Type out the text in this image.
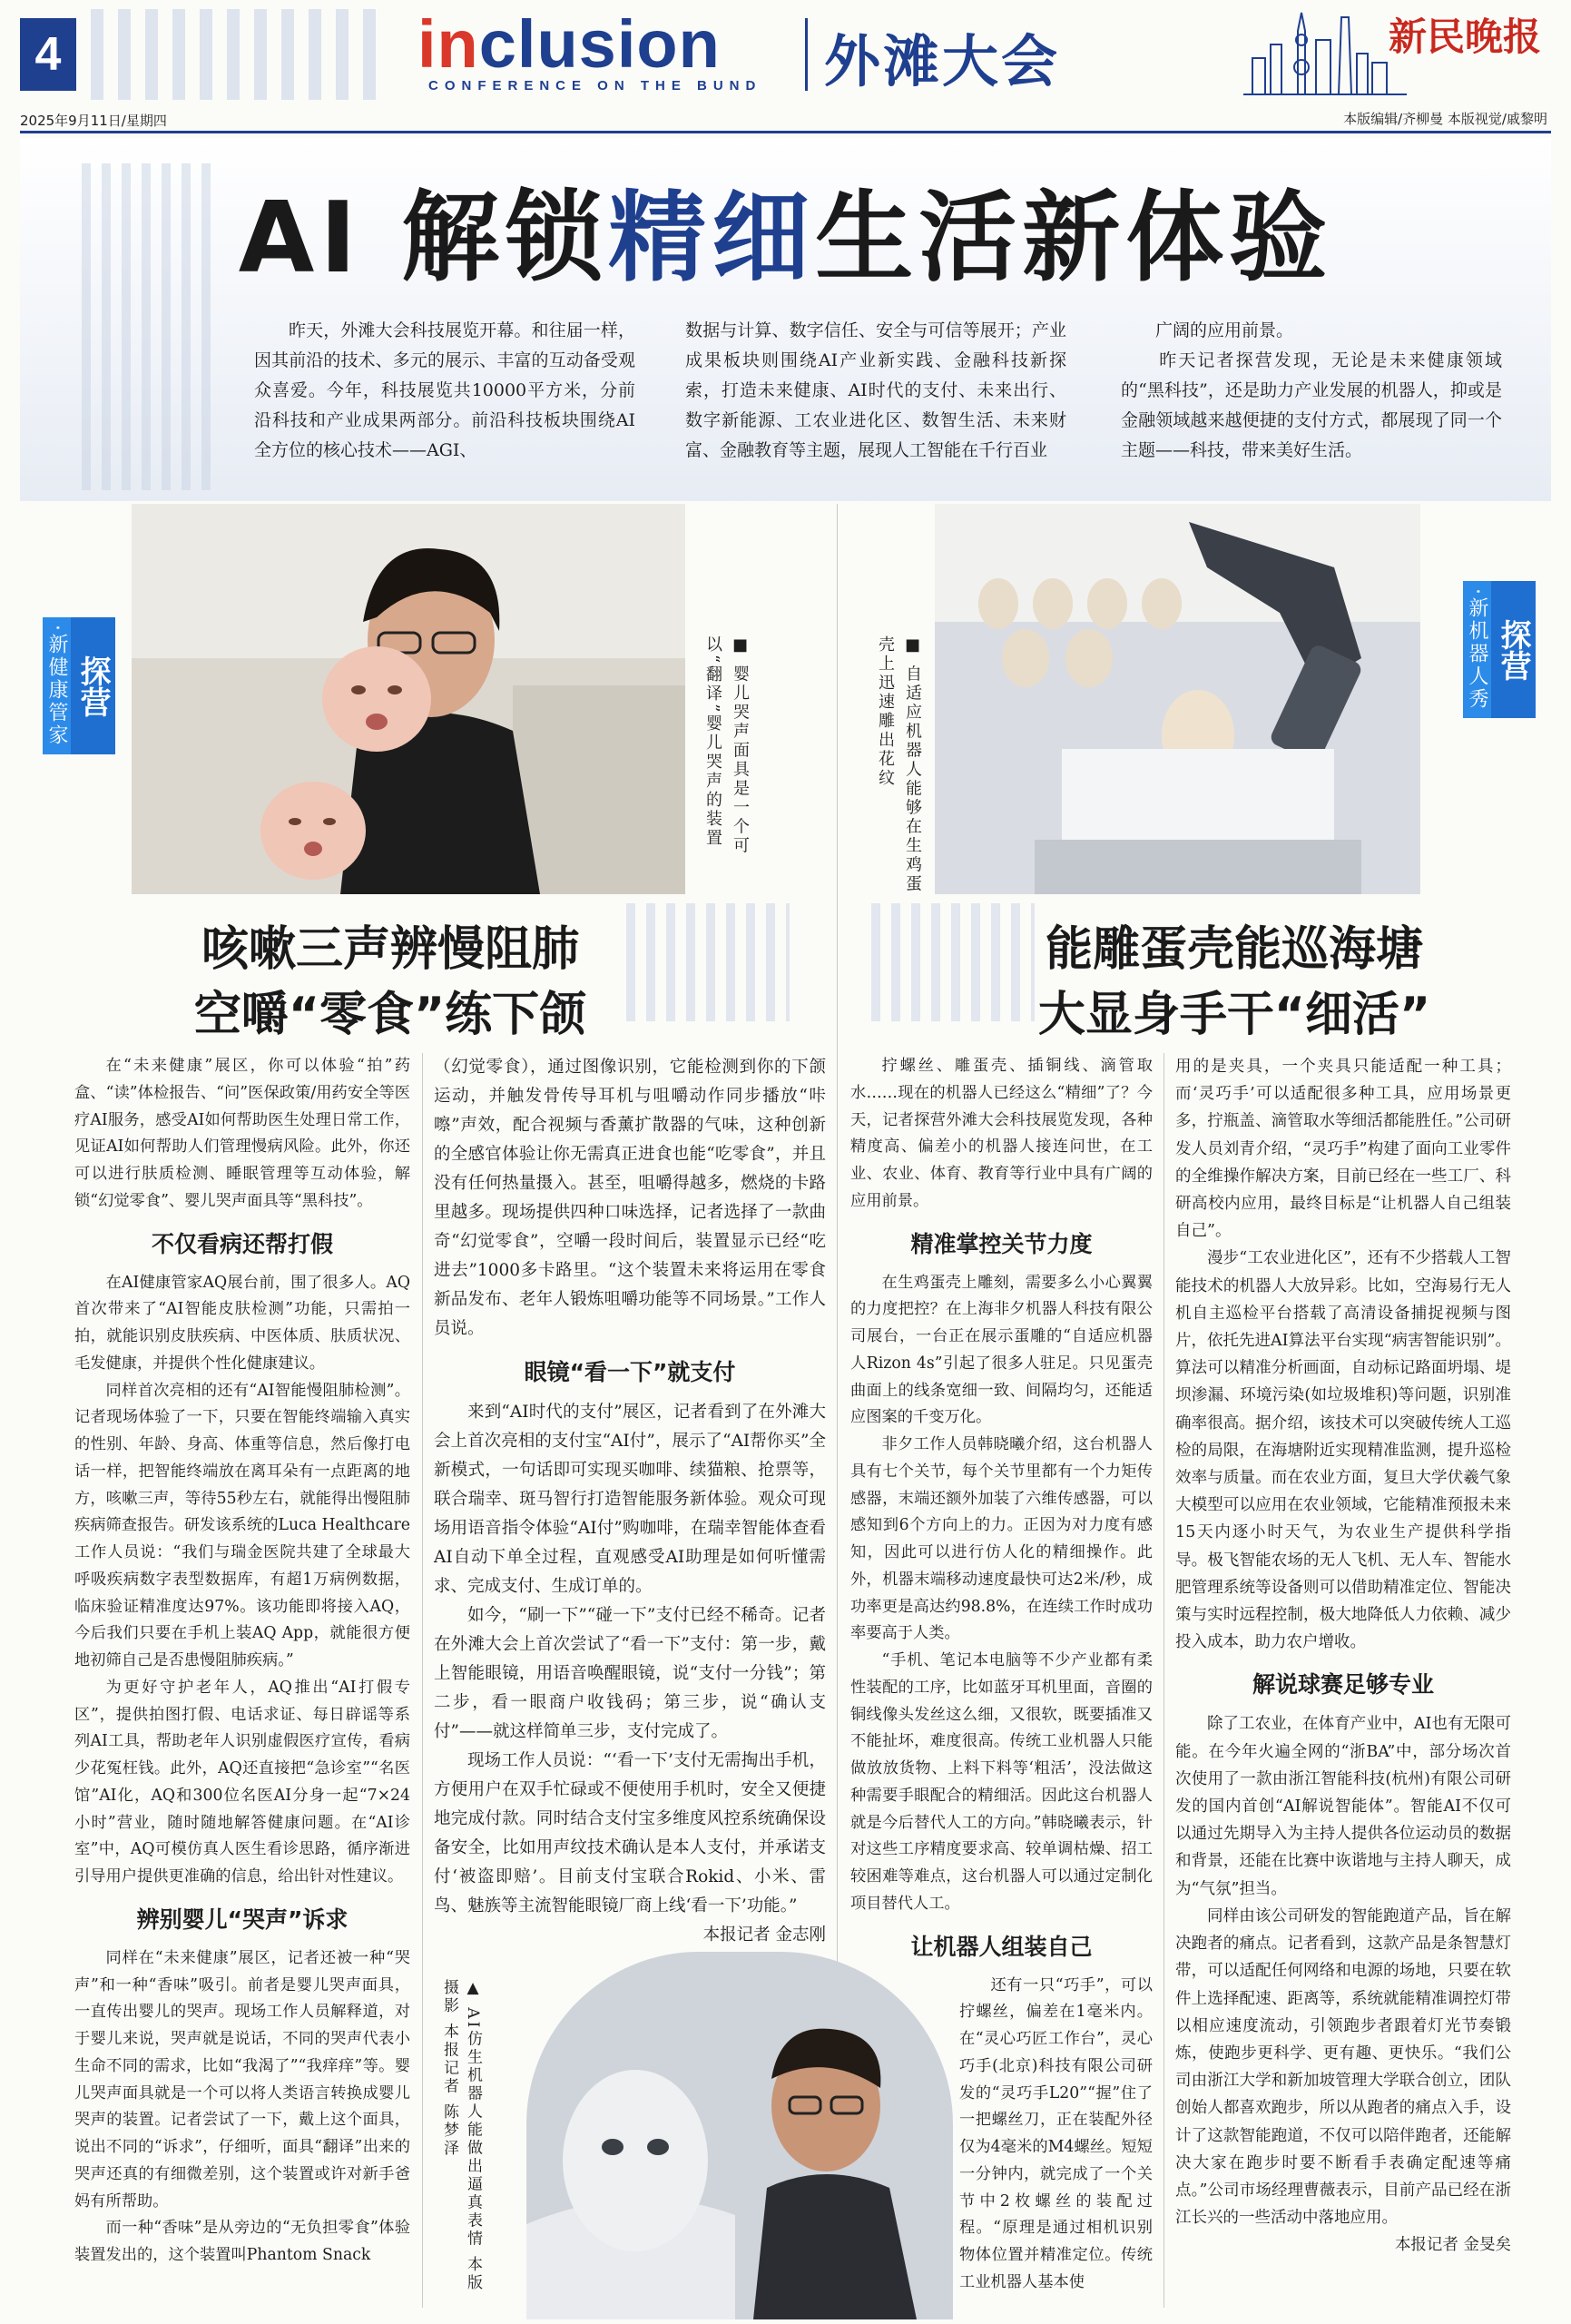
4	inclusion
CONFERENCE ON THE BUND 外滩大会	新民晚报
2025年9月11日/星期四	本版编辑/齐柳曼 本版视觉/戚黎明
AI 解锁精细生活新体验

昨天，外滩大会科技展览开幕。和往届一样，因其前沿的技术、多元的展示、丰富的互动备受观众喜爱。今年，科技展览共10000平方米，分前沿科技和产业成果两部分。前沿科技板块围绕AI全方位的核心技术——AGI、

数据与计算、数字信任、安全与可信等展开；产业成果板块则围绕AI产业新实践、金融科技新探索，打造未来健康、AI时代的支付、未来出行、数字新能源、工农业进化区、数智生活、未来财富、金融教育等主题，展现人工智能在千行百业

广阔的应用前景。
　　昨天记者探营发现，无论是未来健康领域的“黑科技”，还是助力产业发展的机器人，抑或是金融领域越来越便捷的支付方式，都展现了同一个主题——科技，带来美好生活。

■ 婴儿哭声面具是一个可以“翻译”婴儿哭声的装置	■ 自适应机器人能够在生鸡蛋壳上迅速雕出花纹
探营
·新健康管家	探营
·新机器人秀
咳嗽三声辨慢阻肺
空嚼“零食”练下颌
能雕蛋壳能巡海塘
大显身手干“细活”

在“未来健康”展区，你可以体验“拍”药盒、“读”体检报告、“问”医保政策/用药安全等医疗AI服务，感受AI如何帮助医生处理日常工作，见证AI如何帮助人们管理慢病风险。此外，你还可以进行肤质检测、睡眠管理等互动体验，解锁“幻觉零食”、婴儿哭声面具等“黑科技”。

不仅看病还帮打假

在AI健康管家AQ展台前，围了很多人。AQ首次带来了“AI智能皮肤检测”功能，只需拍一拍，就能识别皮肤疾病、中医体质、肤质状况、毛发健康，并提供个性化健康建议。

同样首次亮相的还有“AI智能慢阻肺检测”。记者现场体验了一下，只要在智能终端输入真实的性别、年龄、身高、体重等信息，然后像打电话一样，把智能终端放在离耳朵有一点距离的地方，咳嗽三声，等待55秒左右，就能得出慢阻肺疾病筛查报告。研发该系统的Luca Healthcare工作人员说：“我们与瑞金医院共建了全球最大呼吸疾病数字表型数据库，有超1万病例数据，临床验证精准度达97%。该功能即将接入AQ，今后我们只要在手机上装AQ App，就能很方便地初筛自己是否患慢阻肺疾病。”

为更好守护老年人，AQ推出“AI打假专区”，提供拍图打假、电话求证、每日辟谣等系列AI工具，帮助老年人识别虚假医疗宣传，看病少花冤枉钱。此外，AQ还直接把“急诊室”“名医馆”AI化，AQ和300位名医AI分身一起“7×24小时”营业，随时随地解答健康问题。在“AI诊室”中，AQ可模仿真人医生看诊思路，循序渐进引导用户提供更准确的信息，给出针对性建议。

辨别婴儿“哭声”诉求

同样在“未来健康”展区，记者还被一种“哭声”和一种“香味”吸引。前者是婴儿哭声面具，一直传出婴儿的哭声。现场工作人员解释道，对于婴儿来说，哭声就是说话，不同的哭声代表小生命不同的需求，比如“我渴了”“我痒痒”等。婴儿哭声面具就是一个可以将人类语言转换成婴儿哭声的装置。记者尝试了一下，戴上这个面具，说出不同的“诉求”，仔细听，面具“翻译”出来的哭声还真的有细微差别，这个装置或许对新手爸妈有所帮助。

而一种“香味”是从旁边的“无负担零食”体验装置发出的，这个装置叫Phantom Snack

（幻觉零食），通过图像识别，它能检测到你的下颌运动，并触发骨传导耳机与咀嚼动作同步播放“咔嚓”声效，配合视频与香薰扩散器的气味，这种创新的全感官体验让你无需真正进食也能“吃零食”，并且没有任何热量摄入。甚至，咀嚼得越多，燃烧的卡路里越多。现场提供四种口味选择，记者选择了一款曲奇“幻觉零食”，空嚼一段时间后，装置显示已经“吃进去”1000多卡路里。“这个装置未来将运用在零食新品发布、老年人锻炼咀嚼功能等不同场景。”工作人员说。

眼镜“看一下”就支付

来到“AI时代的支付”展区，记者看到了在外滩大会上首次亮相的支付宝“AI付”，展示了“AI帮你买”全新模式，一句话即可实现买咖啡、续猫粮、抢票等，联合瑞幸、斑马智行打造智能服务新体验。观众可现场用语音指令体验“AI付”购咖啡，在瑞幸智能体查看AI自动下单全过程，直观感受AI助理是如何听懂需求、完成支付、生成订单的。

如今，“刷一下”“碰一下”支付已经不稀奇。记者在外滩大会上首次尝试了“看一下”支付：第一步，戴上智能眼镜，用语音唤醒眼镜，说“支付一分钱”；第二步，看一眼商户收钱码；第三步，说“确认支付”——就这样简单三步，支付完成了。

现场工作人员说：“‘看一下’支付无需掏出手机，方便用户在双手忙碌或不便使用手机时，安全又便捷地完成付款。同时结合支付宝多维度风控系统确保设备安全，比如用声纹技术确认是本人支付，并承诺支付‘被盗即赔’。目前支付宝联合Rokid、小米、雷鸟、魅族等主流智能眼镜厂商上线‘看一下’功能。”

本报记者 金志刚
▲ AI仿生机器人能做出逼真表情 本版摄影 本报记者 陈梦泽

拧螺丝、雕蛋壳、插铜线、滴管取水……现在的机器人已经这么“精细”了？今天，记者探营外滩大会科技展览发现，各种精度高、偏差小的机器人接连问世，在工业、农业、体育、教育等行业中具有广阔的应用前景。

精准掌控关节力度

在生鸡蛋壳上雕刻，需要多么小心翼翼的力度把控？在上海非夕机器人科技有限公司展台，一台正在展示蛋雕的“自适应机器人Rizon 4s”引起了很多人驻足。只见蛋壳曲面上的线条宽细一致、间隔均匀，还能适应图案的千变万化。

非夕工作人员韩晓曦介绍，这台机器人具有七个关节，每个关节里都有一个力矩传感器，末端还额外加装了六维传感器，可以感知到6个方向上的力。正因为对力度有感知，因此可以进行仿人化的精细操作。此外，机器末端移动速度最快可达2米/秒，成功率更是高达约98.8%，在连续工作时成功率要高于人类。

“手机、笔记本电脑等不少产业都有柔性装配的工序，比如蓝牙耳机里面，音圈的铜线像头发丝这么细，又很软，既要插准又不能扯坏，难度很高。传统工业机器人只能做放放货物、上料下料等‘粗活’，没法做这种需要手眼配合的精细活。因此这台机器人就是今后替代人工的方向。”韩晓曦表示，针对这些工序精度要求高、较单调枯燥、招工较困难等难点，这台机器人可以通过定制化项目替代人工。

让机器人组装自己

还有一只“巧手”，可以拧螺丝，偏差在1毫米内。在“灵心巧匠工作台”，灵心巧手(北京)科技有限公司研发的“灵巧手L20”“握”住了一把螺丝刀，正在装配外径仅为4毫米的M4螺丝。短短一分钟内，就完成了一个关节中2枚螺丝的装配过程。“原理是通过相机识别物体位置并精准定位。传统工业机器人基本使

用的是夹具，一个夹具只能适配一种工具；而‘灵巧手’可以适配很多种工具，应用场景更多，拧瓶盖、滴管取水等细活都能胜任。”公司研发人员刘青介绍，“灵巧手”构建了面向工业零件的全维操作解决方案，目前已经在一些工厂、科研高校内应用，最终目标是“让机器人自己组装自己”。

漫步“工农业进化区”，还有不少搭载人工智能技术的机器人大放异彩。比如，空海易行无人机自主巡检平台搭载了高清设备捕捉视频与图片，依托先进AI算法平台实现“病害智能识别”。算法可以精准分析画面，自动标记路面坍塌、堤坝渗漏、环境污染(如垃圾堆积)等问题，识别准确率很高。据介绍，该技术可以突破传统人工巡检的局限，在海塘附近实现精准监测，提升巡检效率与质量。而在农业方面，复旦大学伏羲气象大模型可以应用在农业领域，它能精准预报未来15天内逐小时天气，为农业生产提供科学指导。极飞智能农场的无人飞机、无人车、智能水肥管理系统等设备则可以借助精准定位、智能决策与实时远程控制，极大地降低人力依赖、减少投入成本，助力农户增收。

解说球赛足够专业

除了工农业，在体育产业中，AI也有无限可能。在今年火遍全网的“浙BA”中，部分场次首次使用了一款由浙江智能科技(杭州)有限公司研发的国内首创“AI解说智能体”。智能AI不仅可以通过先期导入为主持人提供各位运动员的数据和背景，还能在比赛中诙谐地与主持人聊天，成为“气氛”担当。

同样由该公司研发的智能跑道产品，旨在解决跑者的痛点。记者看到，这款产品是条智慧灯带，可以适配任何网络和电源的场地，只要在软件上选择配速、距离等，系统就能精准调控灯带以相应速度流动，引领跑步者跟着灯光节奏锻炼，使跑步更科学、更有趣、更快乐。“我们公司由浙江大学和新加坡管理大学联合创立，团队创始人都喜欢跑步，所以从跑者的痛点入手，设计了这款智能跑道，不仅可以陪伴跑者，还能解决大家在跑步时要不断看手表确定配速等痛点。”公司市场经理曹薇表示，目前产品已经在浙江长兴的一些活动中落地应用。

本报记者 金旻矣
